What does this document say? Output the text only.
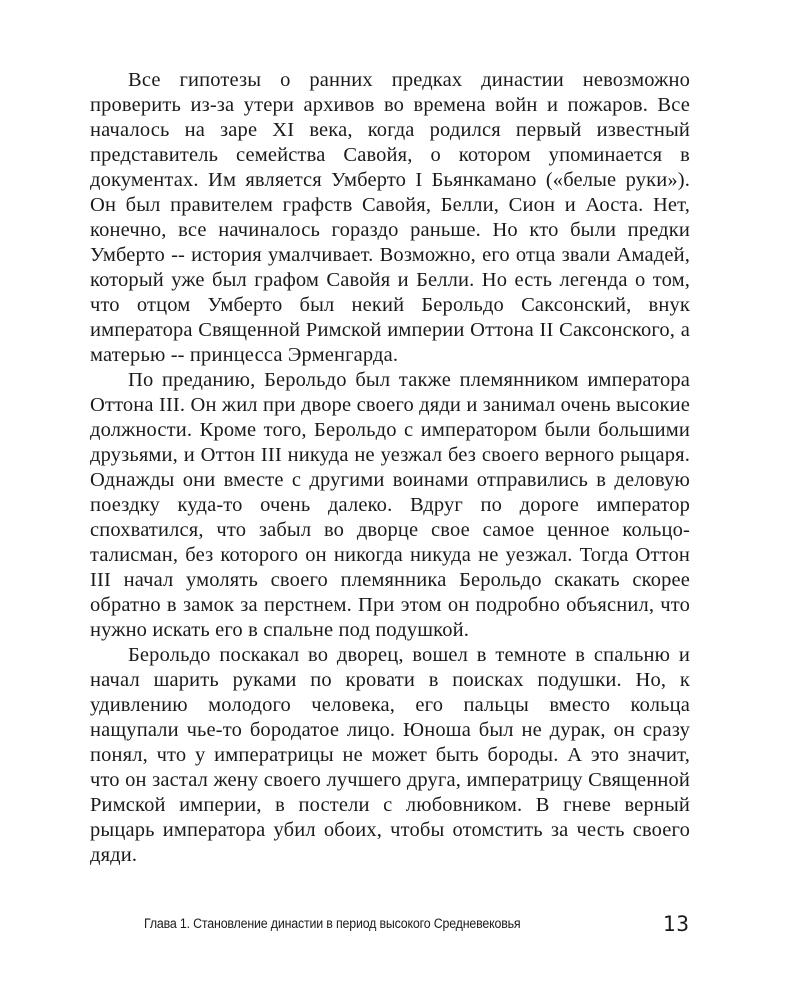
Все гипотезы о ранних предках династии невозможно проверить из-за утери архивов во времена войн и пожаров. Все началось на заре XI века, когда родился первый известный представитель семейства Савойя, о котором упоминается в документах. Им является Умберто I Бьянкамано («белые руки»). Он был правителем графств Савойя, Белли, Сион и Аоста. Нет, конечно, все начиналось гораздо раньше. Но кто были предки Умберто -- история умалчивает. Возможно, его отца звали Амадей, который уже был графом Савойя и Белли. Но есть легенда о том, что отцом Умберто был некий Берольдо Саксонский, внук императора Священной Римской империи Оттона II Саксонского, а матерью -- принцесса Эрменгарда.

По преданию, Берольдо был также племянником императора Оттона III. Он жил при дворе своего дяди и занимал очень высокие должности. Кроме того, Берольдо с императором были большими друзьями, и Оттон III никуда не уезжал без своего верного рыцаря. Однажды они вместе с другими воинами отправились в деловую поездку куда-то очень далеко. Вдруг по дороге император спохватился, что забыл во дворце свое самое ценное кольцо-талисман, без которого он никогда никуда не уезжал. Тогда Оттон III начал умолять своего племянника Берольдо скакать скорее обратно в замок за перстнем. При этом он подробно объяснил, что нужно искать его в спальне под подушкой.

Берольдо поскакал во дворец, вошел в темноте в спальню и начал шарить руками по кровати в поисках подушки. Но, к удивлению молодого человека, его пальцы вместо кольца нащупали чье-то бородатое лицо. Юноша был не дурак, он сразу понял, что у императрицы не может быть бороды. А это значит, что он застал жену своего лучшего друга, императрицу Священной Римской империи, в постели с любовником. В гневе верный рыцарь императора убил обоих, чтобы отомстить за честь своего дяди.

Глава 1. Становление династии в период высокого Средневековья	13
